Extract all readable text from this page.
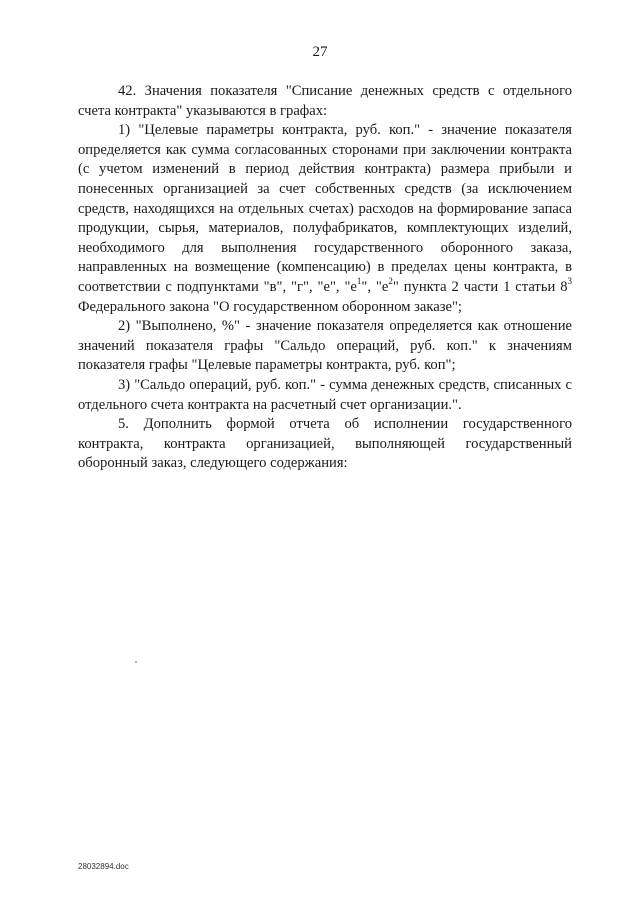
27

42. Значения показателя "Списание денежных средств с отдельного счета контракта" указываются в графах:

1) "Целевые параметры контракта, руб. коп." - значение показателя определяется как сумма согласованных сторонами при заключении контракта (с учетом изменений в период действия контракта) размера прибыли и понесенных организацией за счет собственных средств (за исключением средств, находящихся на отдельных счетах) расходов на формирование запаса продукции, сырья, материалов, полуфабрикатов, комплектующих изделий, необходимого для выполнения государственного оборонного заказа, направленных на возмещение (компенсацию) в пределах цены контракта, в соответствии с подпунктами "в", "г", "е", "$е^1$", "$е^2$" пункта 2 части 1 статьи $8^3$ Федерального закона "О государственном оборонном заказе";

2) "Выполнено, %" - значение показателя определяется как отношение значений показателя графы "Сальдо операций, руб. коп." к значениям показателя графы "Целевые параметры контракта, руб. коп";

3) "Сальдо операций, руб. коп." - сумма денежных средств, списанных с отдельного счета контракта на расчетный счет организации.".

5. Дополнить формой отчета об исполнении государственного контракта, контракта организацией, выполняющей государственный оборонный заказ, следующего содержания:

28032894.doc
